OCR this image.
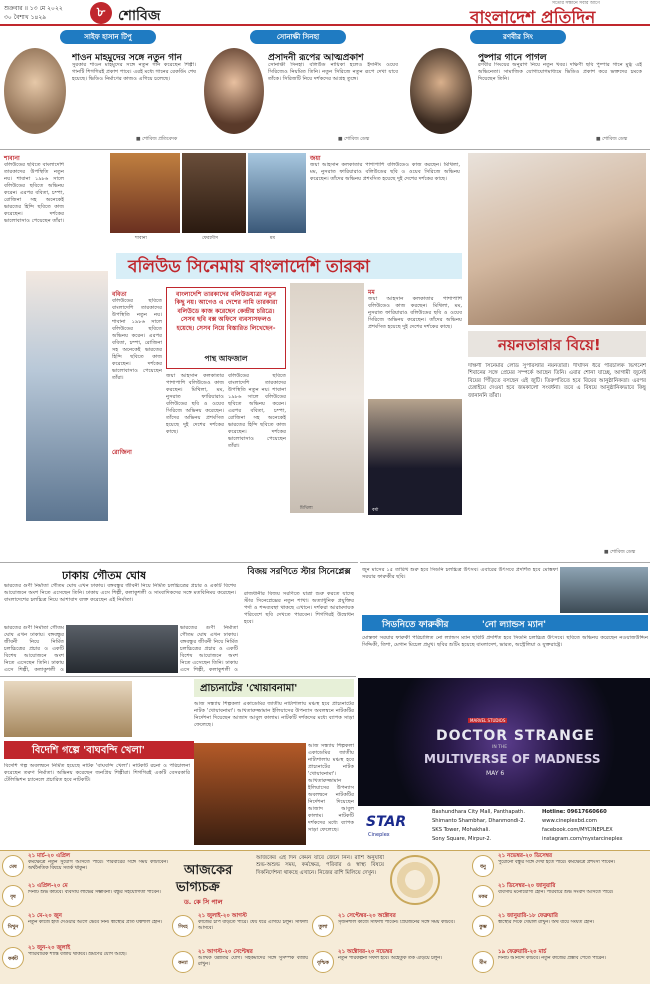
শুক্রবার ॥ ১৩ মে ২০২২
৩০ বৈশাখ ১৪২৯	৮ শোবিজ
সত্যের সন্ধানে সবার আগে
বাংলাদেশ প্রতিদিন
সাইফ হাসান টিপু
শাওন মাহমুদের সঙ্গে নতুন গান
সুরকার শাওন মাহমুদের সঙ্গে নতুন গান করেছেন শিল্পী। গানটি শিগগিরই প্রকাশ পাবে। এরই মধ্যে গানের রেকর্ডিং শেষ হয়েছে। ভিডিও নির্মাণের কাজও এগিয়ে চলেছে।
■ শোবিজ প্রতিবেদক
সোনাক্ষী সিনহা
প্রসাদনী রূপের আত্মপ্রকাশ
সোনাক্ষী সিনহা। বলিউড নায়িকা হলেও ইদানীং ওয়েব সিরিজেও নিয়মিত তিনি। নতুন সিরিজে নতুন রূপে দেখা যাবে তাঁকে। সিরিজটি নিয়ে দর্শকদের আগ্রহ তুঙ্গে।
■ শোবিজ ডেস্ক
রণবীর সিং
পুষ্পার গানে পাগল
রণবীর সিংয়ের অনুরাগ নিয়ে নতুন খবর। দক্ষিণী ছবি পুষ্পার গানে মুগ্ধ এই অভিনেতা। সামাজিক যোগাযোগমাধ্যমে ভিডিও প্রকাশ করে ভক্তদের চমকে দিয়েছেন তিনি।
■ শোবিজ ডেস্ক
শাবানা
বলিউডের ছবিতে বাংলাদেশি তারকাদের উপস্থিতি নতুন নয়। শাবানা ১৯৮৬ সালে বলিউডের ছবিতে অভিনয় করেন। এরপর ববিতা, চম্পা, রোজিনা সহ অনেকেই ভারতের হিন্দি ছবিতে কাজ করেছেন। দর্শকের ভালোবাসাও পেয়েছেন তাঁরা।
শাবানা	ফেরদৌস	মম
জয়া
জয়া আহসান কলকাতার পাশাপাশি বলিউডেও কাজ করছেন। মিথিলা, মম, নুসরাত ফারিয়ারাও বলিউডের ছবি ও ওয়েব সিরিজে অভিনয় করেছেন। তাঁদের অভিনয় প্রশংসিত হয়েছে দুই দেশের দর্শকের কাছে।
বলিউড সিনেমায় বাংলাদেশি তারকা
ববিতা
বলিউডের ছবিতে বাংলাদেশি তারকাদের উপস্থিতি নতুন নয়। শাবানা ১৯৮৬ সালে বলিউডের ছবিতে অভিনয় করেন। এরপর ববিতা, চম্পা, রোজিনা সহ অনেকেই ভারতের হিন্দি ছবিতে কাজ করেছেন। দর্শকের ভালোবাসাও পেয়েছেন তাঁরা।
রোজিনা
বাংলাদেশি তারকাদের বলিউডযাত্রা নতুন কিছু নয়। আগেও এ দেশের নামি তারকারা বলিউডে কাজ করেছেন কেন্দ্রীয় চরিত্রে। সেসব ছবি বক্স অফিসে ব্যবসাসফলও হয়েছে। সেসব নিয়ে বিস্তারিত লিখেছেন-
পান্থ আফজাল
জয়া আহসান কলকাতার পাশাপাশি বলিউডেও কাজ করছেন। মিথিলা, মম, নুসরাত ফারিয়ারাও বলিউডের ছবি ও ওয়েব সিরিজে অভিনয় করেছেন। তাঁদের অভিনয় প্রশংসিত হয়েছে দুই দেশের দর্শকের কাছে।
বলিউডের ছবিতে বাংলাদেশি তারকাদের উপস্থিতি নতুন নয়। শাবানা ১৯৮৬ সালে বলিউডের ছবিতে অভিনয় করেন। এরপর ববিতা, চম্পা, রোজিনা সহ অনেকেই ভারতের হিন্দি ছবিতে কাজ করেছেন। দর্শকের ভালোবাসাও পেয়েছেন তাঁরা।
মিথিলা
মম
জয়া আহসান কলকাতার পাশাপাশি বলিউডেও কাজ করছেন। মিথিলা, মম, নুসরাত ফারিয়ারাও বলিউডের ছবি ও ওয়েব সিরিজে অভিনয় করেছেন। তাঁদের অভিনয় প্রশংসিত হয়েছে দুই দেশের দর্শকের কাছে।
বর্ষা
নয়নতারার বিয়ে!
দক্ষিণী সিনেমার লেডি সুপারস্টার নয়নতারা। দীর্ঘদিন ধরে পরিচালক ভিগনেশ শিবানের সঙ্গে প্রেমের সম্পর্কে আছেন তিনি। এবার শোনা যাচ্ছে, আগামী জুনেই বিয়ের পিঁড়িতে বসছেন এই জুটি। তিরুপতিতে হবে বিয়ের আনুষ্ঠানিকতা। এরপর চেন্নাইয়ে দেওয়া হবে জমকালো সংবর্ধনা। তবে এ বিষয়ে আনুষ্ঠানিকভাবে কিছু জানাননি তাঁরা।
■ শোবিজ ডেস্ক
ঢাকায় গৌতম ঘোষ
ভারতের গুণী নির্মাতা গৌতম ঘোষ এখন ঢাকায়। বঙ্গবন্ধুর জীবনী নিয়ে নির্মিত চলচ্চিত্রের প্রচার ও একটি বিশেষ আয়োজনে অংশ নিতে এসেছেন তিনি। ঢাকায় এসে শিল্পী, কলাকুশলী ও সাংবাদিকদের সঙ্গে মতবিনিময় করেছেন। বাংলাদেশের চলচ্চিত্র নিয়ে আশাবাদ ব্যক্ত করেছেন এই নির্মাতা।
ভারতের গুণী নির্মাতা গৌতম ঘোষ এখন ঢাকায়। বঙ্গবন্ধুর জীবনী নিয়ে নির্মিত চলচ্চিত্রের প্রচার ও একটি বিশেষ আয়োজনে অংশ নিতে এসেছেন তিনি। ঢাকায় এসে শিল্পী, কলাকুশলী ও
ভারতের গুণী নির্মাতা গৌতম ঘোষ এখন ঢাকায়। বঙ্গবন্ধুর জীবনী নিয়ে নির্মিত চলচ্চিত্রের প্রচার ও একটি বিশেষ আয়োজনে অংশ নিতে এসেছেন তিনি। ঢাকায় এসে শিল্পী, কলাকুশলী ও
বিজয় সরণিতে স্টার সিনেপ্লেক্স
রাজধানীর বিজয় সরণিতে যাত্রা শুরু করতে যাচ্ছে স্টার সিনেপ্লেক্সের নতুন শাখা। অত্যাধুনিক প্রযুক্তির পর্দা ও শব্দব্যবস্থা থাকছে এখানে। দর্শকরা আরামদায়ক পরিবেশে ছবি দেখতে পারবেন। শিগগিরই উদ্বোধন হবে।
জুন মাসের ১৫ তারিখ শুরু হবে সিডনি চলচ্চিত্র উৎসব। এবারের উৎসবে প্রদর্শিত হবে মোস্তফা সরয়ার ফারুকীর ছবি।
সিডনিতে ফারুকীর	'নো ল্যান্ডস ম্যান'
মোস্তফা সরয়ার ফারুকী পরিচালিত নো ল্যান্ডস ম্যান ছবিটি প্রদর্শিত হবে সিডনি চলচ্চিত্র উৎসবে। ছবিতে অভিনয় করেছেন নওয়াজউদ্দিন সিদ্দিকী, তিশা, মেগান মিচেল প্রমুখ। ছবির শুটিং হয়েছে বাংলাদেশ, ভারত, অস্ট্রেলিয়া ও যুক্তরাষ্ট্রে।
প্রাচ্যনাটের 'খোয়াবনামা'
আজ সন্ধ্যায় শিল্পকলা একাডেমির জাতীয় নাট্যশালায় মঞ্চস্থ হবে প্রাচ্যনাটের নাটক 'খোয়াবনামা'। আখতারুজ্জামান ইলিয়াসের উপন্যাস অবলম্বনে নাটকটির নির্দেশনা দিয়েছেন আজাদ আবুল কালাম। নাটকটি দর্শকদের মধ্যে ব্যাপক সাড়া ফেলেছে।
আজ সন্ধ্যায় শিল্পকলা একাডেমির জাতীয় নাট্যশালায় মঞ্চস্থ হবে প্রাচ্যনাটের নাটক 'খোয়াবনামা'। আখতারুজ্জামান ইলিয়াসের উপন্যাস অবলম্বনে নাটকটির নির্দেশনা দিয়েছেন আজাদ আবুল কালাম। নাটকটি দর্শকদের মধ্যে ব্যাপক সাড়া ফেলেছে।
বিদেশি গল্পে 'বাঘবন্দি খেলা'
বিদেশি গল্প অবলম্বনে নির্মিত হয়েছে নাটক 'বাঘবন্দি খেলা'। নাটকটি রচনা ও পরিচালনা করেছেন তরুণ নির্মাতা। অভিনয় করেছেন জনপ্রিয় শিল্পীরা। শিগগিরই একটি বেসরকারি টেলিভিশন চ্যানেলে প্রচারিত হবে নাটকটি।
MARVEL STUDIOS
DOCTOR STRANGE
IN THE
MULTIVERSE OF MADNESS
MAY 6
STAR
Cineplex
Bashundhara City Mall, Panthapath.
Shimanto Shambhar, Dhanmondi-2.
SKS Tower, Mohakhali.
Sony Square, Mirpur-2.
Hotline: 09617660660
www.cineplexbd.com
facebook.com/MYCINEPLEX
instagram.com/mystarcineplex
আজকের
ভাগ্যচক্র
ড. কে সি পাল
আজকের এই দিন কেমন যাবে জেনে নিন। রাশি অনুযায়ী শুভ-অশুভ সময়, কর্মক্ষেত্র, পরিবার ও স্বাস্থ্য বিষয়ে দিকনির্দেশনা থাকছে এখানে। নিজের রাশি মিলিয়ে দেখুন।
মেষ
২১ মার্চ-২০ এপ্রিল
কর্মক্ষেত্রে নতুন সুযোগ আসতে পারে। পরিবারের সঙ্গে সময় কাটাবেন। অর্থনৈতিক বিষয়ে সতর্ক থাকুন।
বৃষ
২১ এপ্রিল-২০ মে
দিনটি শুভ কাটবে। ব্যবসায় লাভের সম্ভাবনা। বন্ধুর সহযোগিতা পাবেন।
মিথুন
২১ মে-২০ জুন
নতুন কাজে হাত দেওয়ার আগে ভেবে নিন। স্বাস্থ্যের প্রতি যত্নশীল হোন।
কর্কট
২১ জুন-২০ জুলাই
পারিবারিক শান্তি বজায় থাকবে। ভ্রমণের যোগ আছে।
সিংহ
২১ জুলাই-২০ আগস্ট
কাজের চাপ বাড়তে পারে। ধৈর্য ধরে এগিয়ে চলুন। সাফল্য আসবে।
কন্যা
২১ আগস্ট-২০ সেপ্টেম্বর
আর্থিক উন্নতির যোগ। সহকর্মীদের সঙ্গে সুসম্পর্ক বজায় রাখুন।
তুলা
২১ সেপ্টেম্বর-২০ অক্টোবর
সৃজনশীল কাজে সাফল্য পাবেন। প্রিয়জনের সঙ্গে সময় কাটবে।
বৃশ্চিক
২১ অক্টোবর-২০ নভেম্বর
নতুন পরিকল্পনা সফল হবে। অহেতুক তর্ক এড়িয়ে চলুন।
ধনু
২১ নভেম্বর-২০ ডিসেম্বর
পুরোনো বন্ধুর সঙ্গে দেখা হতে পারে। কর্মক্ষেত্রে প্রশংসা পাবেন।
মকর
২১ ডিসেম্বর-২০ জানুয়ারি
ব্যবসায় মনোযোগী হোন। পরিবারে শুভ সংবাদ আসতে পারে।
কুম্ভ
২১ জানুয়ারি-১৮ ফেব্রুয়ারি
স্বাস্থ্যের দিকে খেয়াল রাখুন। অর্থ ব্যয়ে সংযত হোন।
মীন
১৯ ফেব্রুয়ারি-২০ মার্চ
দিনটি আনন্দে কাটবে। নতুন কাজের প্রস্তাব পেতে পারেন।
